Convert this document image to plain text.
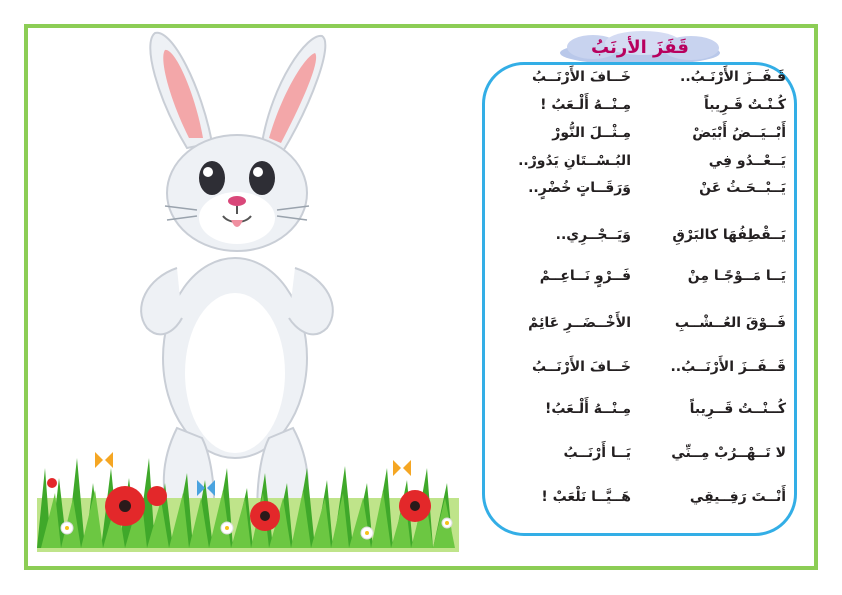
قَفَزَ الأرنَبُ
قَـفَــزَ الأَرْنَـبُ..
خَــافَ الأَرْنَــبُ
كُـنْـتُ قَـرِيباً
مِـنْــهُ أَلْـعَبُ !
أَبْــيَــضُ أَبْيَضْ
مِـثْــلَ النُّورْ
يَــعْــدُو فِي
البُـسْــتَانِ يَدُورْ..
يَــبْــحَـثُ عَنْ
وَرَقَــاتٍ خُضْرٍ..
يَــقْطِفُهَا كالبَرْقِ
وَيَــجْــرِي..
يَــا مَــوْجًـا مِنْ
فَــرْوٍ نَــاعِــمْ
فَــوْقَ العُــشْــبِ
الأَخْــضَــرِ عَائِمْ
قَــفَــزَ الأَرْنَــبُ..
خَــافَ الأَرْنَــبُ
كُــنْــتُ قَــرِيباً
مِـنْــهُ أَلْـعَبُ!
لا تَــهْــرُبْ مِــنِّي
يَــا أَرْنَــبُ
أَنْــتَ رَفِــيقِي
هَــيَّــا نَلْعَبْ !
